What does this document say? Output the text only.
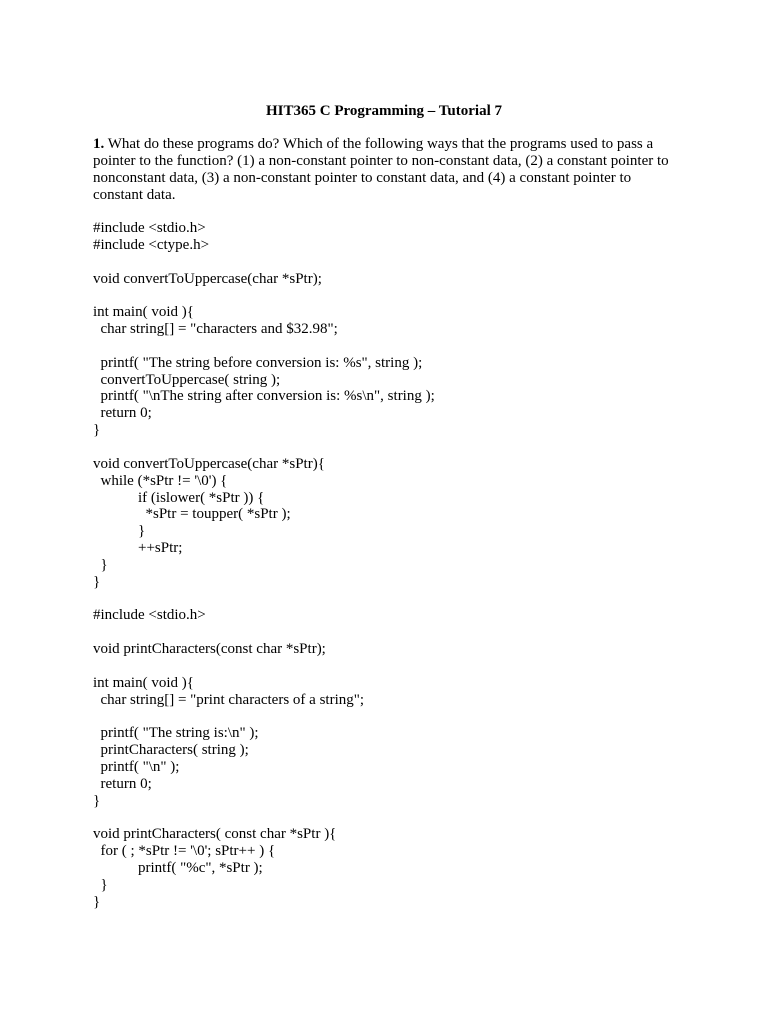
HIT365 C Programming – Tutorial 7

1. What do these programs do? Which of the following ways that the programs used to pass a pointer to the function? (1) a non-constant pointer to non-constant data, (2) a constant pointer to nonconstant data, (3) a non-constant pointer to constant data, and (4) a constant pointer to constant data.

#include <stdio.h>
#include <ctype.h>
void convertToUppercase(char *sPtr);
int main( void ){
char string[] = "characters and $32.98";
printf( "The string before conversion is: %s", string );
convertToUppercase( string );
printf( "\nThe string after conversion is: %s\n", string );
return 0;
}
void convertToUppercase(char *sPtr){
while (*sPtr != '\0') {
if (islower( *sPtr )) {
*sPtr = toupper( *sPtr );
}
++sPtr;
}
}
#include <stdio.h>
void printCharacters(const char *sPtr);
int main( void ){
char string[] = "print characters of a string";
printf( "The string is:\n" );
printCharacters( string );
printf( "\n" );
return 0;
}
void printCharacters( const char *sPtr ){
for ( ; *sPtr != '\0'; sPtr++ ) {
printf( "%c", *sPtr );
}
}
